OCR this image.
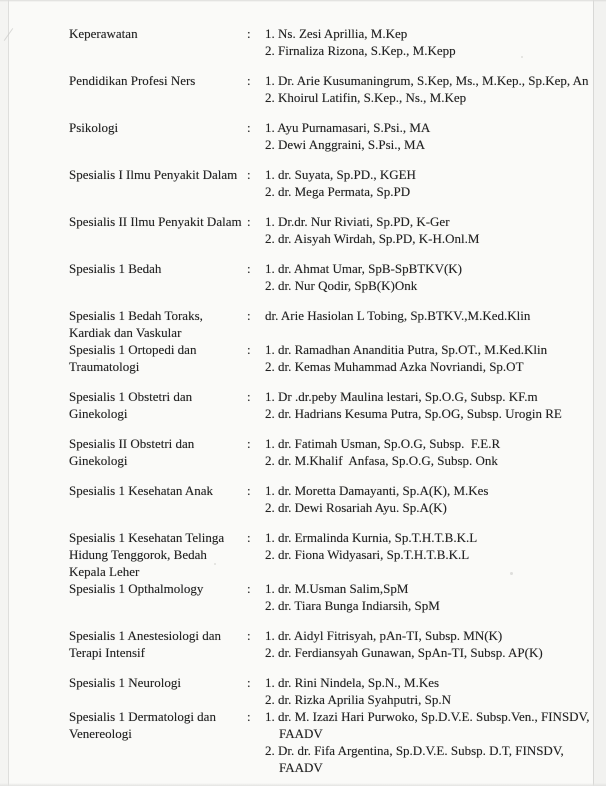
Keperawatan	:	1. Ns. Zesi Aprillia, M.Kep
2. Firnaliza Rizona, S.Kep., M.Kepp
Pendidikan Profesi Ners	:	1. Dr. Arie Kusumaningrum, S.Kep, Ms., M.Kep., Sp.Kep, An
2. Khoirul Latifin, S.Kep., Ns., M.Kep
Psikologi	:	1. Ayu Purnamasari, S.Psi., MA
2. Dewi Anggraini, S.Psi., MA
Spesialis I Ilmu Penyakit Dalam :	1. dr. Suyata, Sp.PD., KGEH
2. dr. Mega Permata, Sp.PD
Spesialis II Ilmu Penyakit Dalam :	1. Dr.dr. Nur Riviati, Sp.PD, K-Ger
2. dr. Aisyah Wirdah, Sp.PD, K-H.Onl.M
Spesialis 1 Bedah	:	1. dr. Ahmat Umar, SpB-SpBTKV(K)
2. dr. Nur Qodir, SpB(K)Onk
Spesialis 1 Bedah Toraks,
Kardiak dan Vaskular
:	dr. Arie Hasiolan L Tobing, Sp.BTKV.,M.Ked.Klin
Spesialis 1 Ortopedi dan
Traumatologi
:	1. dr. Ramadhan Ananditia Putra, Sp.OT., M.Ked.Klin
2. dr. Kemas Muhammad Azka Novriandi, Sp.OT
Spesialis 1 Obstetri dan
Ginekologi
:	1. Dr .dr.peby Maulina lestari, Sp.O.G, Subsp. KF.m
2. dr. Hadrians Kesuma Putra, Sp.OG, Subsp. Urogin RE
Spesialis II Obstetri dan
Ginekologi
:	1. dr. Fatimah Usman, Sp.O.G, Subsp.  F.E.R
2. dr. M.Khalif  Anfasa, Sp.O.G, Subsp. Onk
Spesialis 1 Kesehatan Anak	:	1. dr. Moretta Damayanti, Sp.A(K), M.Kes
2. dr. Dewi Rosariah Ayu. Sp.A(K)
Spesialis 1 Kesehatan Telinga
Hidung Tenggorok, Bedah
Kepala Leher
:	1. dr. Ermalinda Kurnia, Sp.T.H.T.B.K.L
2. dr. Fiona Widyasari, Sp.T.H.T.B.K.L
Spesialis 1 Opthalmology	:	1. dr. M.Usman Salim,SpM
2. dr. Tiara Bunga Indiarsih, SpM
Spesialis 1 Anestesiologi dan
Terapi Intensif
:	1. dr. Aidyl Fitrisyah, pAn-TI, Subsp. MN(K)
2. dr. Ferdiansyah Gunawan, SpAn-TI, Subsp. AP(K)
Spesialis 1 Neurologi	:	1. dr. Rini Nindela, Sp.N., M.Kes
2. dr. Rizka Aprilia Syahputri, Sp.N
Spesialis 1 Dermatologi dan
Venereologi
:	1. dr. M. Izazi Hari Purwoko, Sp.D.V.E. Subsp.Ven., FINSDV,
FAADV
2. Dr. dr. Fifa Argentina, Sp.D.V.E. Subsp. D.T, FINSDV,
FAADV
